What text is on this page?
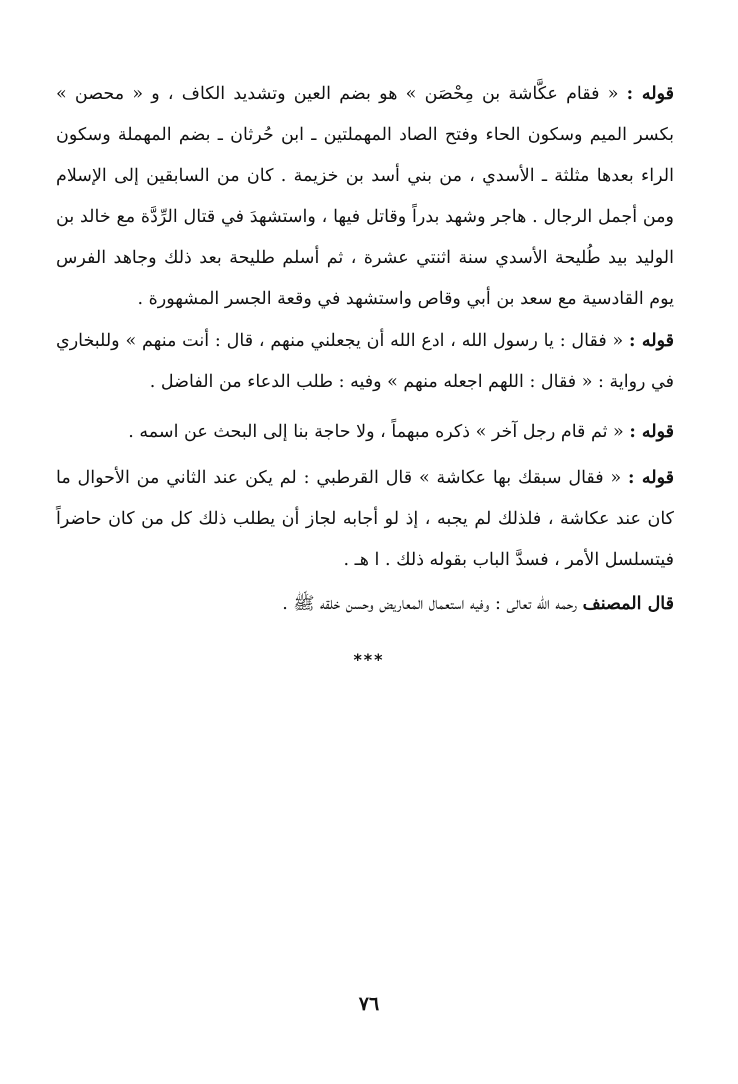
قوله : « فقام عكَّاشة بن مِحْصَن » هو بضم العين وتشديد الكاف ، و « محصن » بكسر الميم وسكون الحاء وفتح الصاد المهملتين ـ ابن حُرثان ـ بضم المهملة وسكون الراء بعدها مثلثة ـ الأسدي ، من بني أسد بن خزيمة . كان من السابقين إلى الإسلام ومن أجمل الرجال . هاجر وشهد بدراً وقاتل فيها ، واستشهدَ في قتال الرِّدَّة مع خالد بن الوليد بيد طُليحة الأسدي سنة اثنتي عشرة ، ثم أسلم طليحة بعد ذلك وجاهد الفرس يوم القادسية مع سعد بن أبي وقاص واستشهد في وقعة الجسر المشهورة .

قوله : « فقال : يا رسول الله ، ادع الله أن يجعلني منهم ، قال : أنت منهم » وللبخاري في رواية : « فقال : اللهم اجعله منهم » وفيه : طلب الدعاء من الفاضل .

قوله : « ثم قام رجل آخر » ذكره مبهماً ، ولا حاجة بنا إلى البحث عن اسمه .

قوله : « فقال سبقك بها عكاشة » قال القرطبي : لم يكن عند الثاني من الأحوال ما كان عند عكاشة ، فلذلك لم يجبه ، إذ لو أجابه لجاز أن يطلب ذلك كل من كان حاضراً فيتسلسل الأمر ، فسدَّ الباب بقوله ذلك . ا هـ .

قال المصنف رحمه الله تعالى : وفيه استعمال المعاريض وحسن خلقه ﷺ .

***
٧٦
